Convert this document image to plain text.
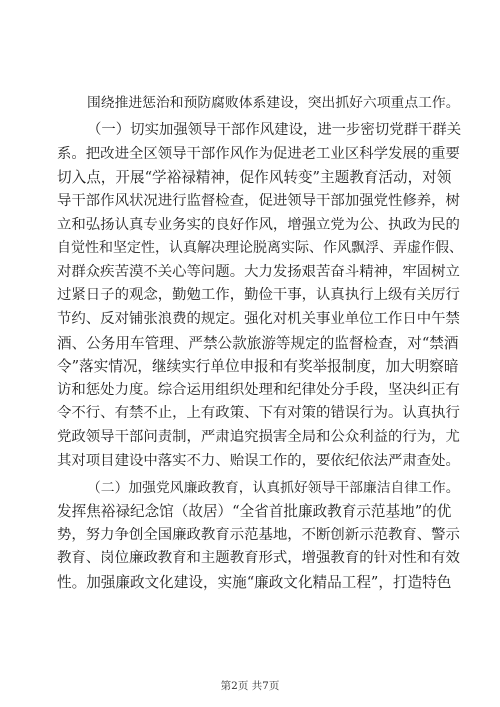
围绕推进惩治和预防腐败体系建设，突出抓好六项重点工作。
（一）切实加强领导干部作风建设，进一步密切党群干群关
系。把改进全区领导干部作风作为促进老工业区科学发展的重要
切入点，开展“学裕禄精神，促作风转变”主题教育活动，对领
导干部作风状况进行监督检查，促进领导干部加强党性修养，树
立和弘扬认真专业务实的良好作风，增强立党为公、执政为民的
自觉性和坚定性，认真解决理论脱离实际、作风飘浮、弄虚作假、
对群众疾苦漠不关心等问题。大力发扬艰苦奋斗精神，牢固树立
过紧日子的观念，勤勉工作，勤俭干事，认真执行上级有关厉行
节约、反对铺张浪费的规定。强化对机关事业单位工作日中午禁
酒、公务用车管理、严禁公款旅游等规定的监督检查，对“禁酒
令”落实情况，继续实行单位申报和有奖举报制度，加大明察暗
访和惩处力度。综合运用组织处理和纪律处分手段，坚决纠正有
令不行、有禁不止，上有政策、下有对策的错误行为。认真执行
党政领导干部问责制，严肃追究损害全局和公众利益的行为，尤
其对项目建设中落实不力、贻误工作的，要依纪依法严肃查处。
（二）加强党风廉政教育，认真抓好领导干部廉洁自律工作。
发挥焦裕禄纪念馆（故居）“全省首批廉政教育示范基地”的优
势，努力争创全国廉政教育示范基地，不断创新示范教育、警示
教育、岗位廉政教育和主题教育形式，增强教育的针对性和有效
性。加强廉政文化建设，实施“廉政文化精品工程”，打造特色
第2页 共7页
